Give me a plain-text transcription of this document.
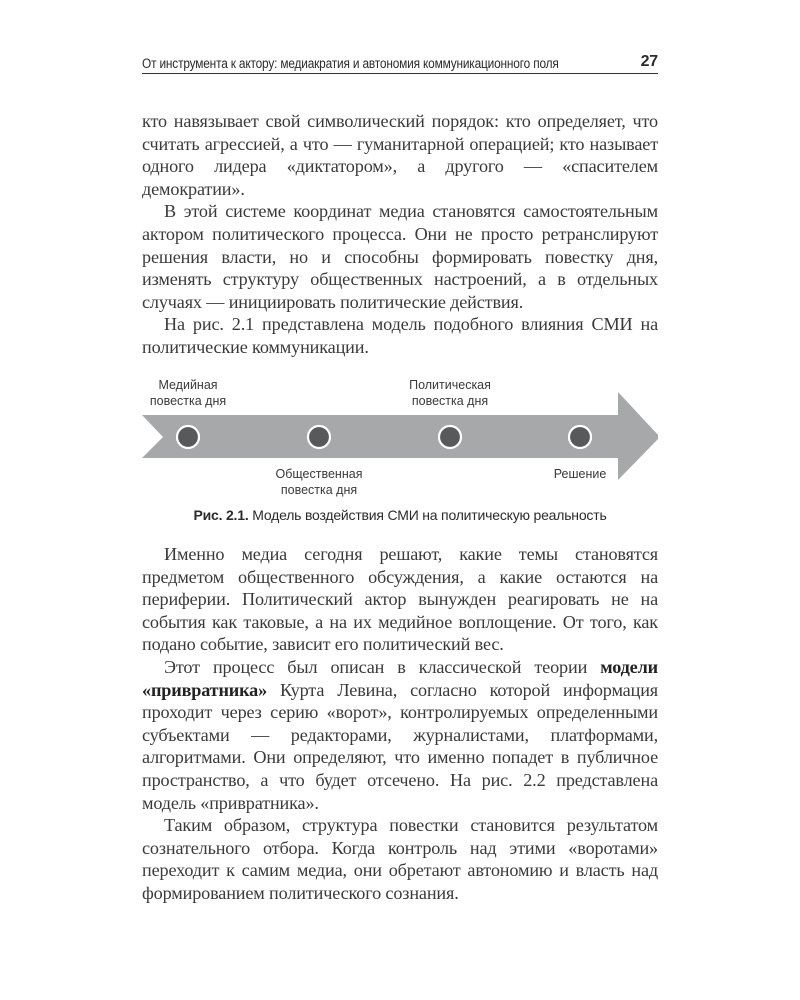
От инструмента к актору: медиакратия и автономия коммуникационного поля	27

кто навязывает свой символический порядок: кто определяет, что считать агрессией, а что — гуманитарной операцией; кто называет одного лидера «диктатором», а другого — «спасителем демократии».

В этой системе координат медиа становятся самостоятельным актором политического процесса. Они не просто ретранслируют решения власти, но и способны формировать повестку дня, изменять структуру общественных настроений, а в отдельных случаях — инициировать политические действия.

На рис. 2.1 представлена модель подобного влияния СМИ на политические коммуникации.

Медийная
повестка дня
Политическая
повестка дня
Общественная
повестка дня
Решение
Рис. 2.1. Модель воздействия СМИ на политическую реальность

Именно медиа сегодня решают, какие темы становятся предметом общественного обсуждения, а какие остаются на периферии. Политический актор вынужден реагировать не на события как таковые, а на их медийное воплощение. От того, как подано событие, зависит его политический вес.

Этот процесс был описан в классической теории модели «привратника» Курта Левина, согласно которой информация проходит через серию «ворот», контролируемых определенными субъектами — редакторами, журналистами, платформами, алгоритмами. Они определяют, что именно попадет в публичное пространство, а что будет отсечено. На рис. 2.2 представлена модель «привратника».

Таким образом, структура повестки становится результатом сознательного отбора. Когда контроль над этими «воротами» переходит к самим медиа, они обретают автономию и власть над формированием политического сознания.
